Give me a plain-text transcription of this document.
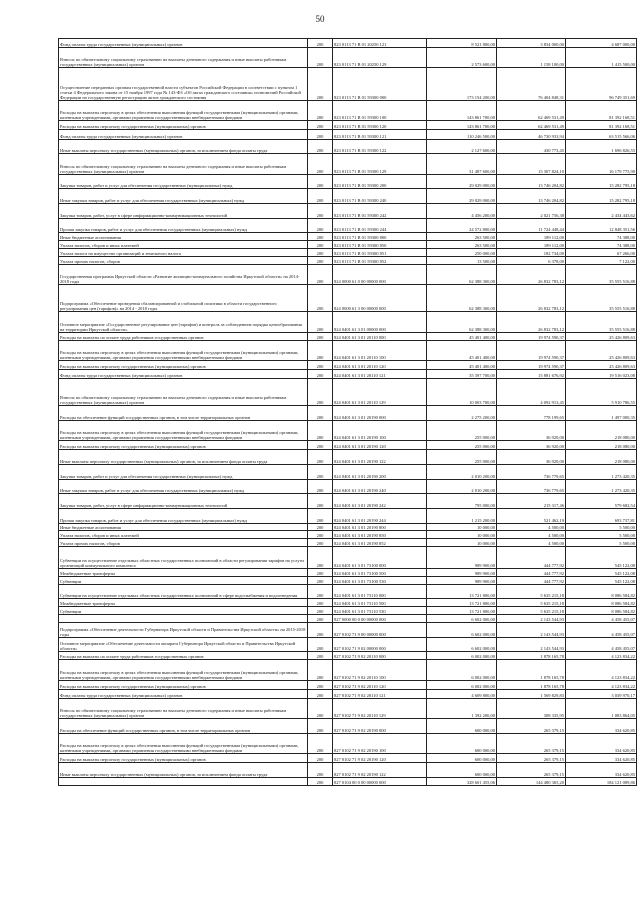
50
Фонд оплаты труда государственных (муниципальных) органов	200	823 0113 71 В 01 20250 121	8 521 800,00	3 834 000,00	4 687 000,00
Взносы по обязательному социальному страхованию на выплаты денежного содержания и иные выплаты работникам государственных (муниципальных) органов	200	823 0113 71 В 01 20250 129	2 573 600,00	1 158 100,00	1 415 500,00
Осуществление переданных органам государственной власти субъектов Российской Федерации в соответствии с пунктом 1 статьи 4 Федерального закона от 15 ноября 1997 года № 143-ФЗ «Об актах гражданского состояния» полномочий Российской Федерации на государственную регистрацию актов гражданского состояния	200	823 0113 71 В 01 59300 000	173 154 200,00	76 404 848,31	96 749 351,69
Расходы на выплаты персоналу в целях обеспечения выполнения функций государственными (муниципальными) органами, казенными учреждениями, органами управления государственными внебюджетными фондами	200	823 0113 71 В 01 59300 100	143 861 700,00	62 469 531,49	81 392 168,51
Расходы на выплаты персоналу государственных (муниципальных) органов	200	823 0113 71 В 01 59300 120	143 861 700,00	62 469 531,49	81 392 168,51
Фонд оплаты труда государственных (муниципальных) органов	200	823 0113 71 В 01 59300 121	110 246 500,00	46 730 933,94	63 515 566,06
Иные выплаты персоналу государственных (муниципальных) органов, за исключением фонда оплаты труда	200	823 0113 71 В 01 59300 122	2 127 600,00	430 773,45	1 696 826,55
Взносы по обязательному социальному страхованию на выплаты денежного содержания и иные выплаты работникам государственных (муниципальных) органов	200	823 0113 71 В 01 59300 129	31 487 600,00	15 307 824,10	16 179 775,90
Закупка товаров, работ и услуг для обеспечения государственных (муниципальных) нужд	200	823 0113 71 В 01 59300 200	29 029 000,00	13 746 204,82	15 282 795,18
Иные закупки товаров, работ и услуг для обеспечения государственных (муниципальных) нужд	200	823 0113 71 В 01 59300 240	29 029 000,00	13 746 204,82	15 282 795,18
Закупка товаров, работ, услуг в сфере информационно-коммуникационных технологий	200	823 0113 71 В 01 59300 242	4 456 200,00	2 021 756,38	2 434 443,62
Прочая закупка товаров, работ и услуг для обеспечения государственных (муниципальных) нужд	200	823 0113 71 В 01 59300 244	24 572 800,00	11 724 448,44	12 848 351,56
Иные бюджетные ассигнования	200	823 0113 71 В 01 59300 800	263 500,00	189 112,00	74 388,00
Уплата налогов, сборов и иных платежей	200	823 0113 71 В 01 59300 850	263 500,00	189 112,00	74 388,00
Уплата налога на имущество организаций и земельного налога	200	823 0113 71 В 01 59300 851	250 000,00	182 734,00	67 266,00
Уплата прочих налогов, сборов	200	823 0113 71 В 01 59300 852	13 500,00	6 378,00	7 122,00
Государственная программа Иркутской области «Развитие жилищно-коммунального хозяйства Иркутской области» на 2014-2018 годы	200	824 0000 61 0 00 00000 000	62 388 300,00	26 832 783,12	35 555 516,88
Подпрограмма «Обеспечение проведения сбалансированной и стабильной политики в области государственного регулирования цен (тарифов)» на 2014 - 2018 годы	200	824 0000 61 3 00 00000 000	62 388 300,00	26 832 783,12	35 555 516,88
Основное мероприятие «Государственное регулирование цен (тарифов) и контроль за соблюдением порядка ценообразования на территории Иркутской области»	200	824 0401 61 3 01 00000 000	62 388 300,00	26 832 783,12	35 555 516,88
Расходы на выплаты по оплате труда работников государственных органов	200	824 0401 61 3 01 20110 000	45 401 400,00	19 974 590,37	25 426 809,63
Расходы на выплаты персоналу в целях обеспечения выполнения функций государственными (муниципальными) органами, казенными учреждениями, органами управления государственными внебюджетными фондами	200	824 0401 61 3 01 20110 100	45 401 400,00	19 974 590,37	25 426 809,63
Расходы на выплаты персоналу государственных (муниципальных) органов	200	824 0401 61 3 01 20110 120	45 401 400,00	19 974 590,37	25 426 809,63
Фонд оплаты труда государственных (муниципальных) органов	200	824 0401 61 3 01 20110 121	35 397 700,00	15 881 676,92	19 516 023,08
Взносы по обязательному социальному страхованию на выплаты денежного содержания и иные выплаты работникам государственных (муниципальных) органов	200	824 0401 61 3 01 20110 129	10 003 700,00	4 092 913,45	5 910 786,55
Расходы на обеспечение функций государственных органов, в том числе территориальных органов	200	824 0401 61 3 01 20190 000	2 275 200,00	778 199,65	1 497 000,35
Расходы на выплаты персоналу в целях обеспечения выполнения функций государственными (муниципальными) органами, казенными учреждениями, органами управления государственными внебюджетными фондами	200	824 0401 61 3 01 20190 100	255 000,00	36 920,00	218 080,00
Расходы на выплаты персоналу государственных (муниципальных) органов	200	824 0401 61 3 01 20190 120	255 000,00	36 920,00	218 080,00
Иные выплаты персоналу государственных (муниципальных) органов, за исключением фонда оплаты труда	200	824 0401 61 3 01 20190 122	255 000,00	36 920,00	218 080,00
Закупка товаров, работ и услуг для обеспечения государственных (муниципальных) нужд	200	824 0401 61 3 01 20190 200	2 010 200,00	736 779,65	1 273 420,35
Иные закупки товаров, работ и услуг для обеспечения государственных (муниципальных) нужд	200	824 0401 61 3 01 20190 240	2 010 200,00	736 779,65	1 273 420,35
Закупка товаров, работ, услуг в сфере информационно-коммуникационных технологий	200	824 0401 61 3 01 20190 242	795 000,00	215 317,46	579 682,54
Прочая закупка товаров, работ и услуг для обеспечения государственных (муниципальных) нужд	200	824 0401 61 3 01 20190 244	1 215 200,00	521 462,19	693 737,81
Иные бюджетные ассигнования	200	824 0401 61 3 01 20190 800	10 000,00	4 500,00	5 500,00
Уплата налогов, сборов и иных платежей	200	824 0401 61 3 01 20190 850	10 000,00	4 500,00	5 500,00
Уплата прочих налогов, сборов	200	824 0401 61 3 01 20190 852	10 000,00	4 500,00	5 500,00
Субвенции на осуществление отдельных областных государственных полномочий в области регулирования тарифов на услуги организаций коммунального комплекса	200	824 0401 61 3 01 73100 000	989 900,00	444 777,92	545 122,08
Межбюджетные трансферты	200	824 0401 61 3 01 73100 500	989 900,00	444 777,92	545 122,08
Субвенции	200	824 0401 61 3 01 73100 530	989 900,00	444 777,92	545 122,08
Субвенции на осуществление отдельных областных государственных полномочий в сфере водоснабжения и водоотведения	200	824 0401 61 3 01 73110 000	13 721 800,00	5 635 215,18	8 086 584,82
Межбюджетные трансферты	200	824 0401 61 3 01 73110 500	13 721 800,00	5 635 215,18	8 086 584,82
Субвенции	200	824 0401 61 3 01 73110 530	13 721 800,00	5 635 215,18	8 086 584,82
	200	827 0000 00 0 00 00000 000	6 602 000,00	2 143 544,93	4 458 455,07
Подпрограмма «Обеспечение деятельности Губернатора Иркутской области и Правительства Иркутской области» на 2015-2018 годы	200	827 0102 71 9 00 00000 000	6 602 000,00	2 143 544,93	4 458 455,07
Основное мероприятие «Обеспечение деятельности аппарата Губернатора Иркутской области и Правительства Иркутской области»	200	827 0102 71 9 02 00000 000	6 602 000,00	2 143 544,93	4 458 455,07
Расходы на выплаты по оплате труда работников государственных органов	200	827 0102 71 9 02 20110 000	6 002 000,00	1 878 165,78	4 123 834,22
Расходы на выплаты персоналу в целях обеспечения выполнения функций государственными (муниципальными) органами, казенными учреждениями, органами управления государственными внебюджетными фондами	200	827 0102 71 9 02 20110 100	6 002 000,00	1 878 165,78	4 123 834,22
Расходы на выплаты персоналу государственных (муниципальных) органов	200	827 0102 71 9 02 20110 120	6 002 000,00	1 878 165,78	4 123 834,22
Фонд оплаты труда государственных (муниципальных) органов	200	827 0102 71 9 02 20110 121	4 609 800,00	1 569 829,83	3 039 970,17
Взносы по обязательному социальному страхованию на выплаты денежного содержания и иные выплаты работникам государственных (муниципальных) органов	200	827 0102 71 9 02 20110 129	1 392 200,00	308 335,95	1 083 864,05
Расходы на обеспечение функций государственных органов, в том числе территориальных органов	200	827 0102 71 9 02 20190 000	600 000,00	265 379,15	334 620,85
Расходы на выплаты персоналу в целях обеспечения выполнения функций государственными (муниципальными) органами, казенными учреждениями, органами управления государственными внебюджетными фондами	200	827 0102 71 9 02 20190 100	600 000,00	265 379,15	334 620,85
Расходы на выплаты персоналу государственных (муниципальных) органов	200	827 0102 71 9 02 20190 120	600 000,00	265 379,15	334 620,85
Иные выплаты персоналу государственных (муниципальных) органов, за исключением фонда оплаты труда	200	827 0102 71 9 02 20190 122	600 000,00	265 379,15	334 620,85
	200	827 0104 00 0 00 00000 000	328 601 455,06	144 480 365,20	184 121 089,86
